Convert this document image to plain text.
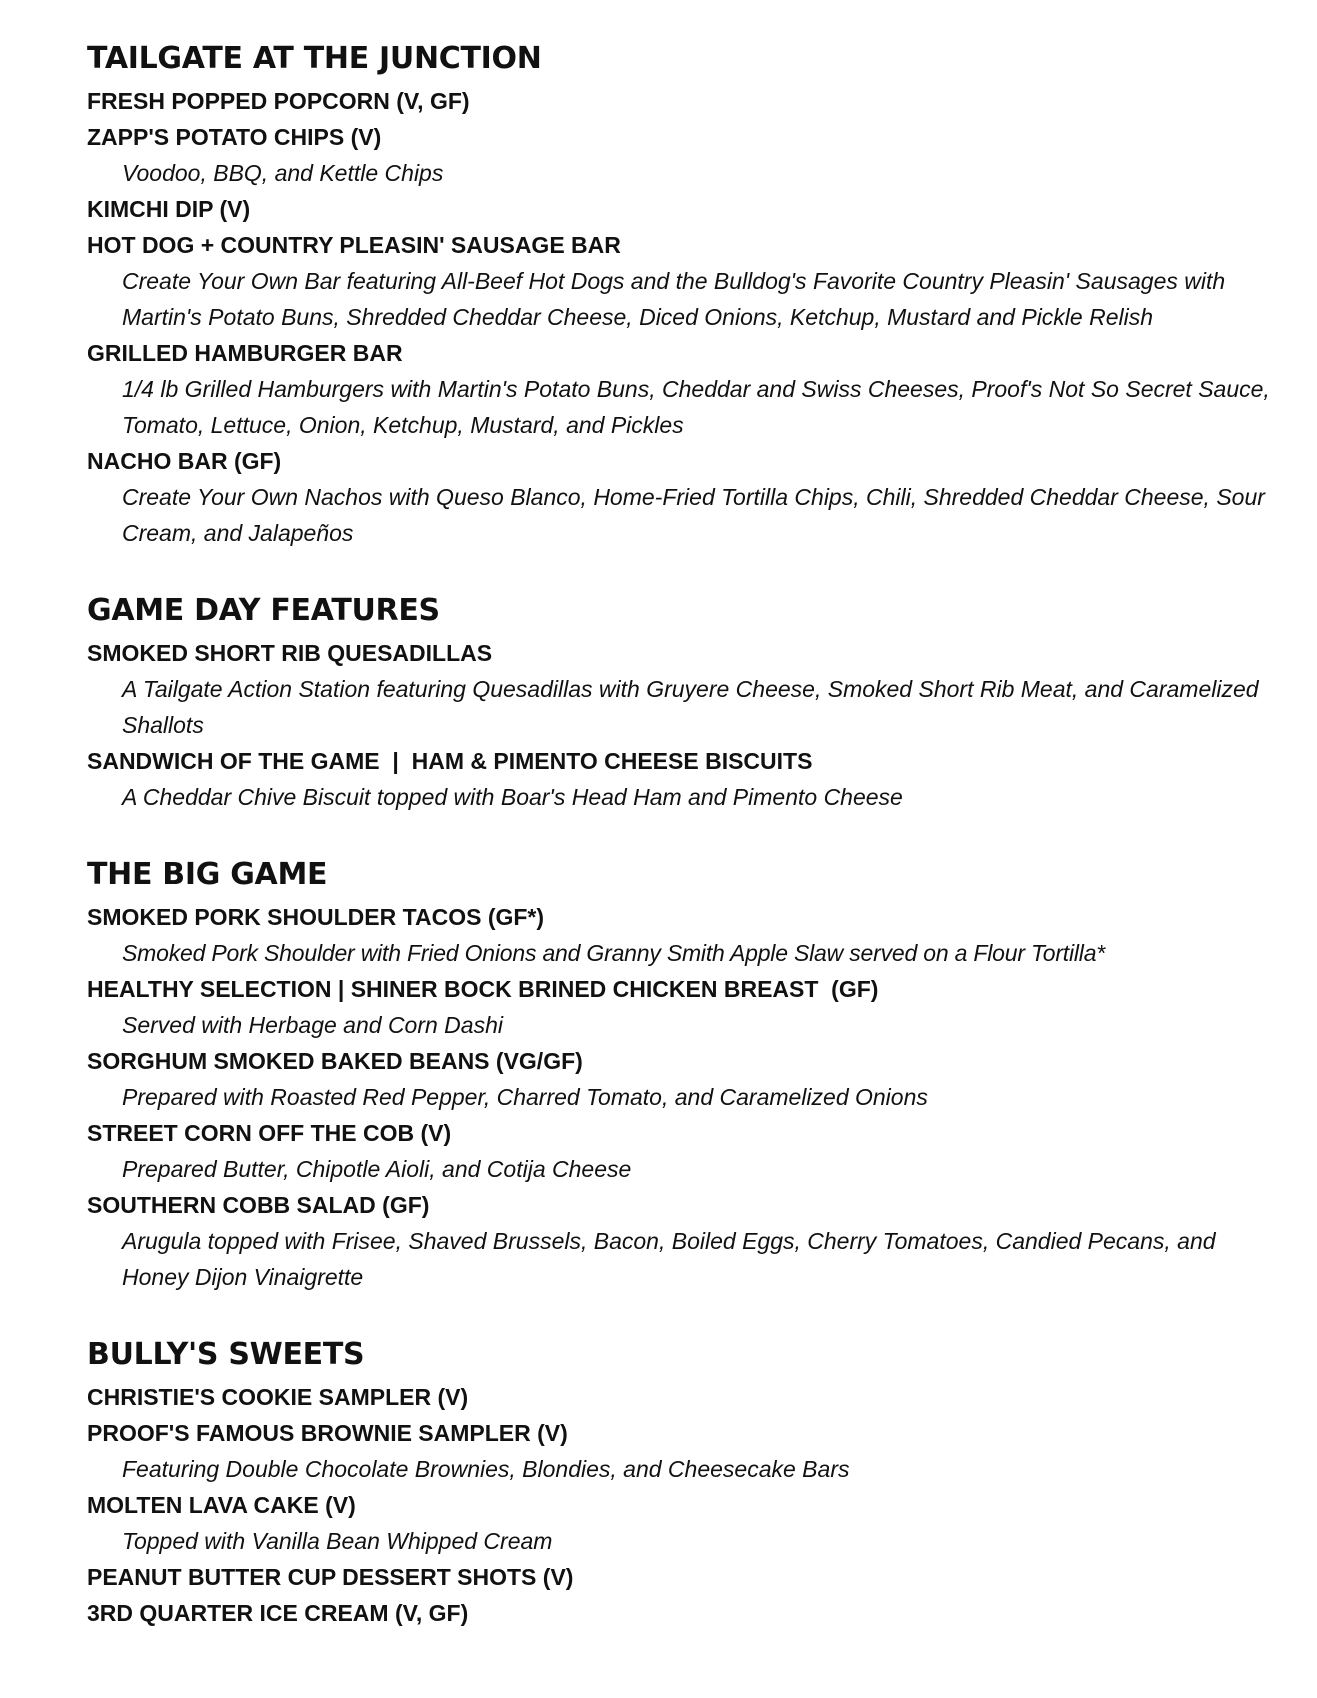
TAILGATE AT THE JUNCTION
FRESH POPPED POPCORN (V, GF)
ZAPP'S POTATO CHIPS (V)
Voodoo, BBQ, and Kettle Chips
KIMCHI DIP (V)
HOT DOG + COUNTRY PLEASIN' SAUSAGE BAR
Create Your Own Bar featuring All-Beef Hot Dogs and the Bulldog's Favorite Country Pleasin' Sausages with Martin's Potato Buns, Shredded Cheddar Cheese, Diced Onions, Ketchup, Mustard and Pickle Relish
GRILLED HAMBURGER BAR
1/4 lb Grilled Hamburgers with Martin's Potato Buns, Cheddar and Swiss Cheeses, Proof's Not So Secret Sauce, Tomato, Lettuce, Onion, Ketchup, Mustard, and Pickles
NACHO BAR (GF)
Create Your Own Nachos with Queso Blanco, Home-Fried Tortilla Chips, Chili, Shredded Cheddar Cheese, Sour Cream, and Jalapeños
GAME DAY FEATURES
SMOKED SHORT RIB QUESADILLAS
A Tailgate Action Station featuring Quesadillas with Gruyere Cheese, Smoked Short Rib Meat, and Caramelized Shallots
SANDWICH OF THE GAME  |  HAM & PIMENTO CHEESE BISCUITS
A Cheddar Chive Biscuit topped with Boar's Head Ham and Pimento Cheese
THE BIG GAME
SMOKED PORK SHOULDER TACOS (GF*)
Smoked Pork Shoulder with Fried Onions and Granny Smith Apple Slaw served on a Flour Tortilla*
HEALTHY SELECTION | SHINER BOCK BRINED CHICKEN BREAST  (GF)
Served with Herbage and Corn Dashi
SORGHUM SMOKED BAKED BEANS (VG/GF)
Prepared with Roasted Red Pepper, Charred Tomato, and Caramelized Onions
STREET CORN OFF THE COB (V)
Prepared Butter, Chipotle Aioli, and Cotija Cheese
SOUTHERN COBB SALAD (GF)
Arugula topped with Frisee, Shaved Brussels, Bacon, Boiled Eggs, Cherry Tomatoes, Candied Pecans, and Honey Dijon Vinaigrette
BULLY'S SWEETS
CHRISTIE'S COOKIE SAMPLER (V)
PROOF'S FAMOUS BROWNIE SAMPLER (V)
Featuring Double Chocolate Brownies, Blondies, and Cheesecake Bars
MOLTEN LAVA CAKE (V)
Topped with Vanilla Bean Whipped Cream
PEANUT BUTTER CUP DESSERT SHOTS (V)
3RD QUARTER ICE CREAM (V, GF)
